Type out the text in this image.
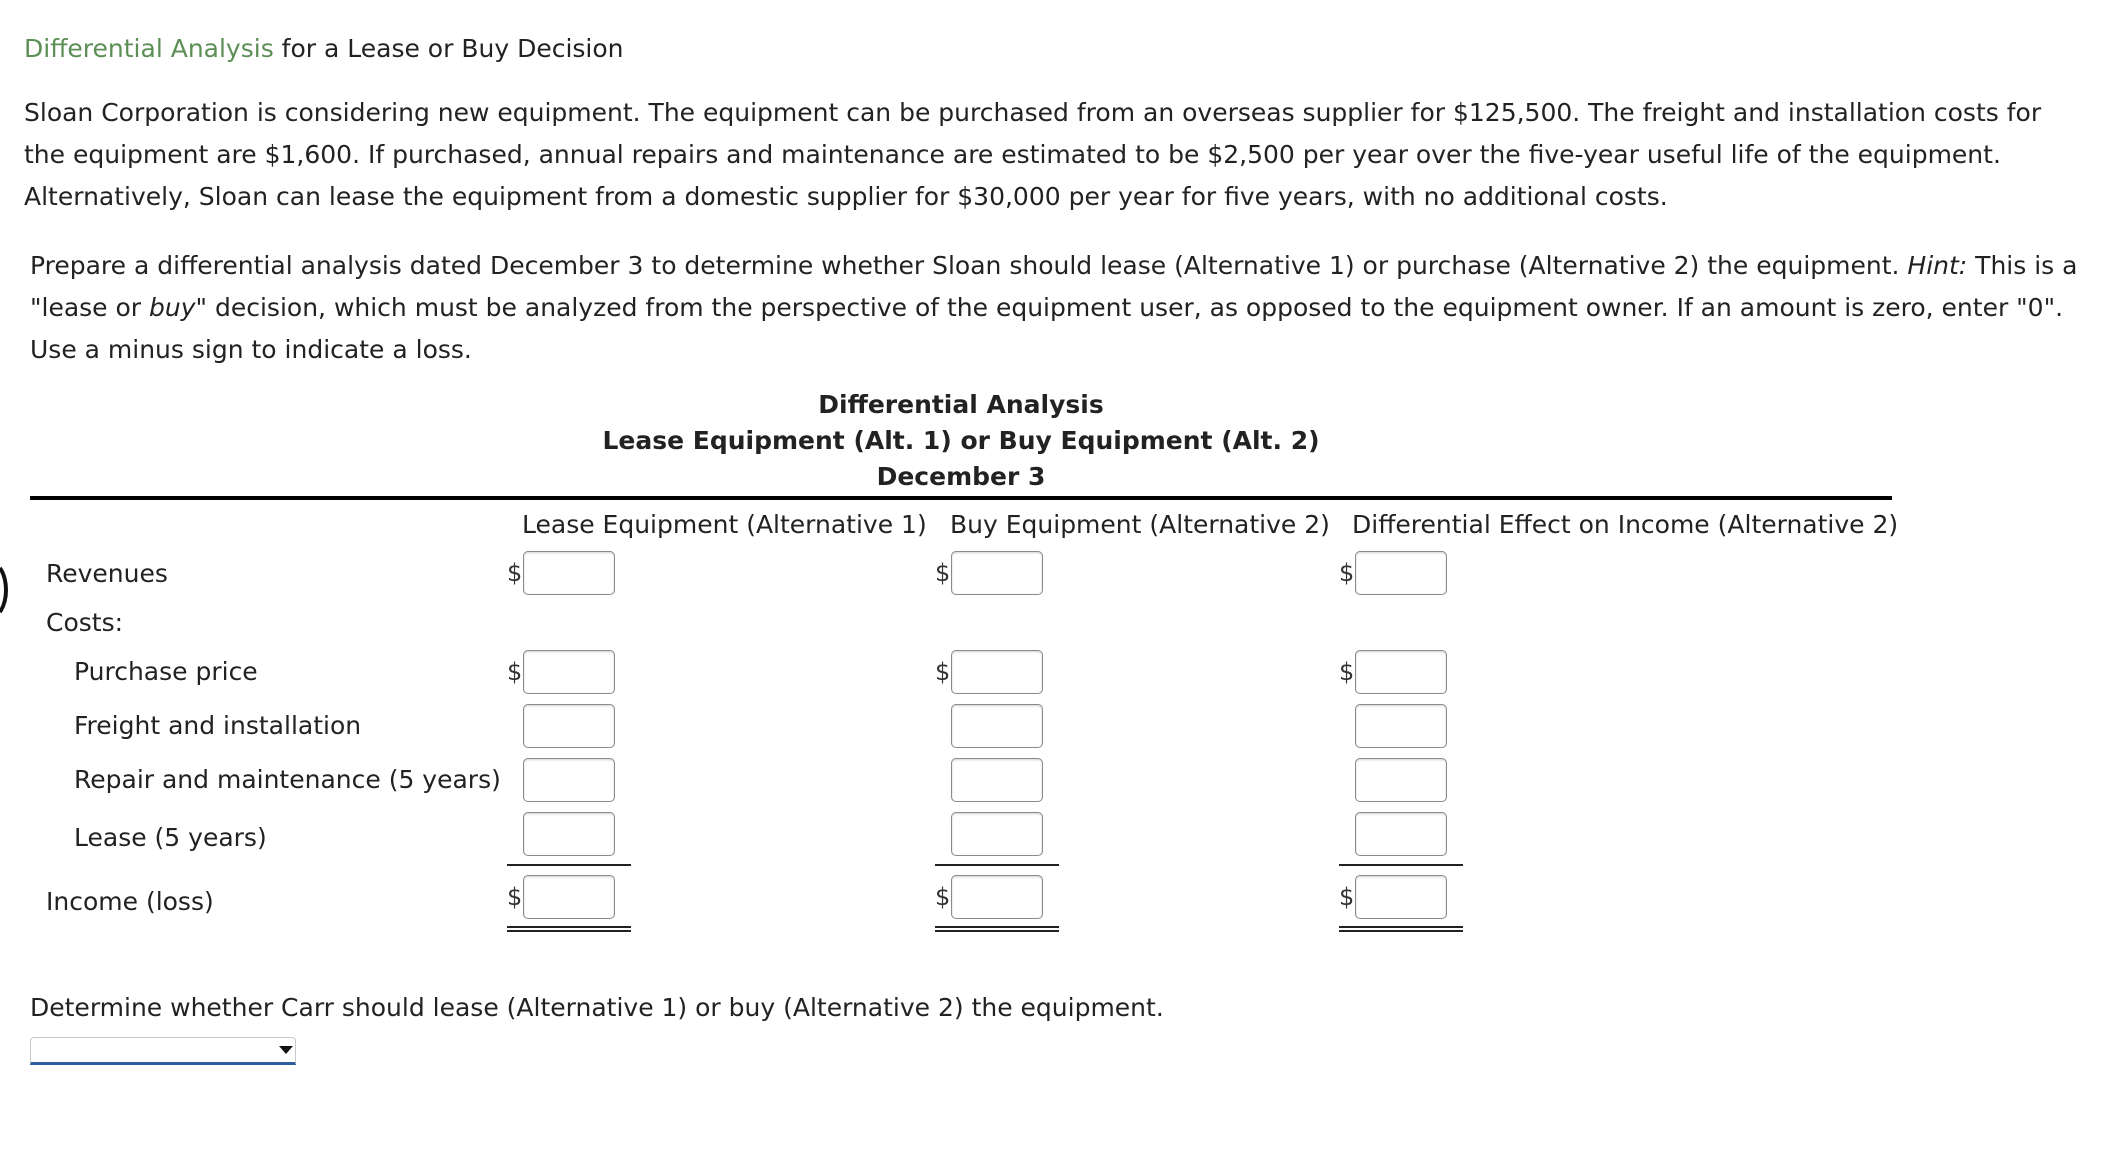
Differential Analysis for a Lease or Buy Decision
Sloan Corporation is considering new equipment. The equipment can be purchased from an overseas supplier for $125,500. The freight and installation costs for the equipment are $1,600. If purchased, annual repairs and maintenance are estimated to be $2,500 per year over the five-year useful life of the equipment. Alternatively, Sloan can lease the equipment from a domestic supplier for $30,000 per year for five years, with no additional costs.
Prepare a differential analysis dated December 3 to determine whether Sloan should lease (Alternative 1) or purchase (Alternative 2) the equipment. Hint: This is a "lease or buy" decision, which must be analyzed from the perspective of the equipment user, as opposed to the equipment owner. If an amount is zero, enter "0". Use a minus sign to indicate a loss.
Differential Analysis
Lease Equipment (Alt. 1) or Buy Equipment (Alt. 2)
December 3
Lease Equipment (Alternative 1) Buy Equipment (Alternative 2) Differential Effect on Income (Alternative 2)
Revenues
Costs:
Purchase price
Freight and installation
Repair and maintenance (5 years)
Lease (5 years)
Income (loss)
$
$
$
$
$
$
$
$
$
Determine whether Carr should lease (Alternative 1) or buy (Alternative 2) the equipment.
